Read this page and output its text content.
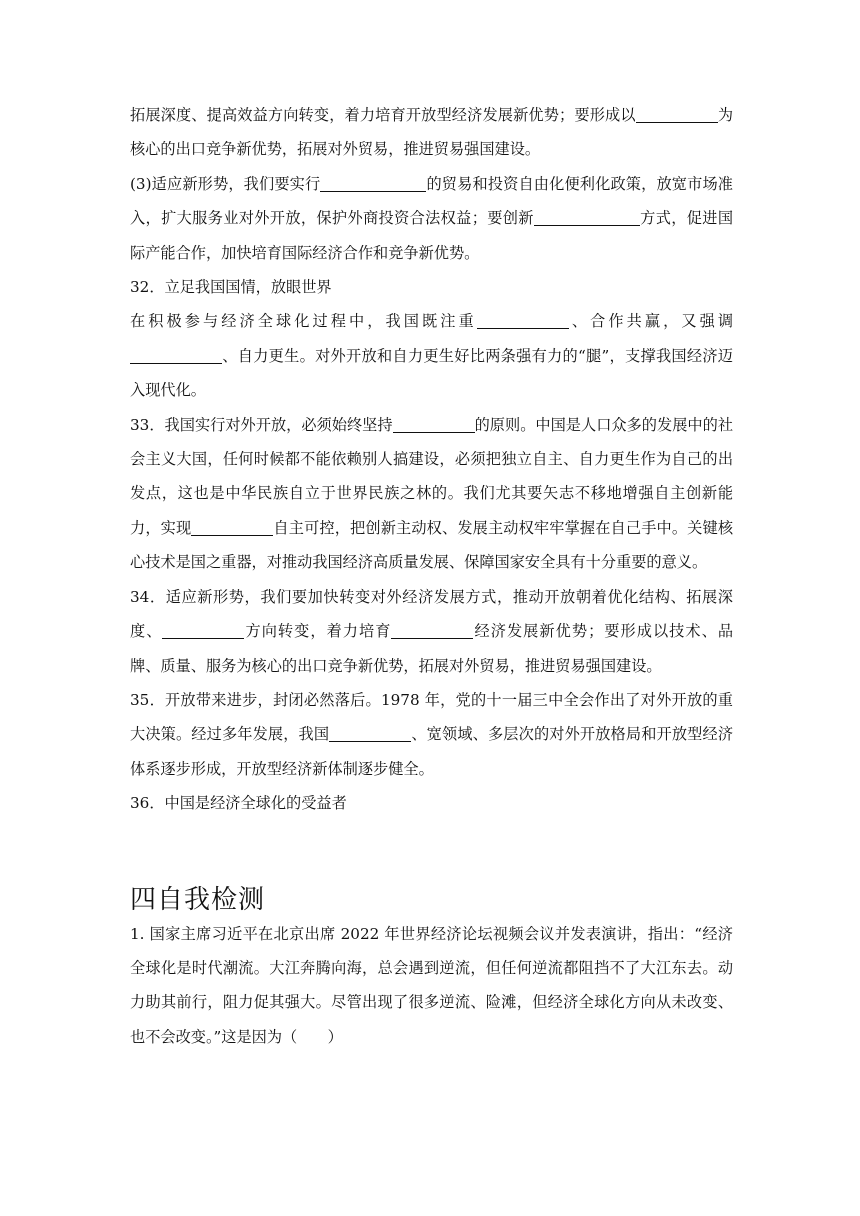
拓展深度、提高效益方向转变，着力培育开放型经济发展新优势；要形成以	为核心的出口竞争新优势，拓展对外贸易，推进贸易强国建设。

(3)适应新形势，我们要实行	的贸易和投资自由化便利化政策，放宽市场准入，扩大服务业对外开放，保护外商投资合法权益；要创新	方式，促进国际产能合作，加快培育国际经济合作和竞争新优势。

32．立足我国国情，放眼世界

在积极参与经济全球化过程中，我国既注重	、合作共赢，又强调、自力更生。对外开放和自力更生好比两条强有力的“腿”，支撑我国经济迈入现代化。

33．我国实行对外开放，必须始终坚持	的原则。中国是人口众多的发展中的社会主义大国，任何时候都不能依赖别人搞建设，必须把独立自主、自力更生作为自己的出发点，这也是中华民族自立于世界民族之林的。我们尤其要矢志不移地增强自主创新能力，实现	自主可控，把创新主动权、发展主动权牢牢掌握在自己手中。关键核心技术是国之重器，对推动我国经济高质量发展、保障国家安全具有十分重要的意义。

34．适应新形势，我们要加快转变对外经济发展方式，推动开放朝着优化结构、拓展深度、	方向转变，着力培育	经济发展新优势；要形成以技术、品牌、质量、服务为核心的出口竞争新优势，拓展对外贸易，推进贸易强国建设。

35．开放带来进步，封闭必然落后。1978 年，党的十一届三中全会作出了对外开放的重大决策。经过多年发展，我国	、宽领域、多层次的对外开放格局和开放型经济体系逐步形成，开放型经济新体制逐步健全。

36．中国是经济全球化的受益者

四自我检测

1. 国家主席习近平在北京出席 2022 年世界经济论坛视频会议并发表演讲，指出：“经济全球化是时代潮流。大江奔腾向海，总会遇到逆流，但任何逆流都阻挡不了大江东去。动力助其前行，阻力促其强大。尽管出现了很多逆流、险滩，但经济全球化方向从未改变、也不会改变。”这是因为（　　）
